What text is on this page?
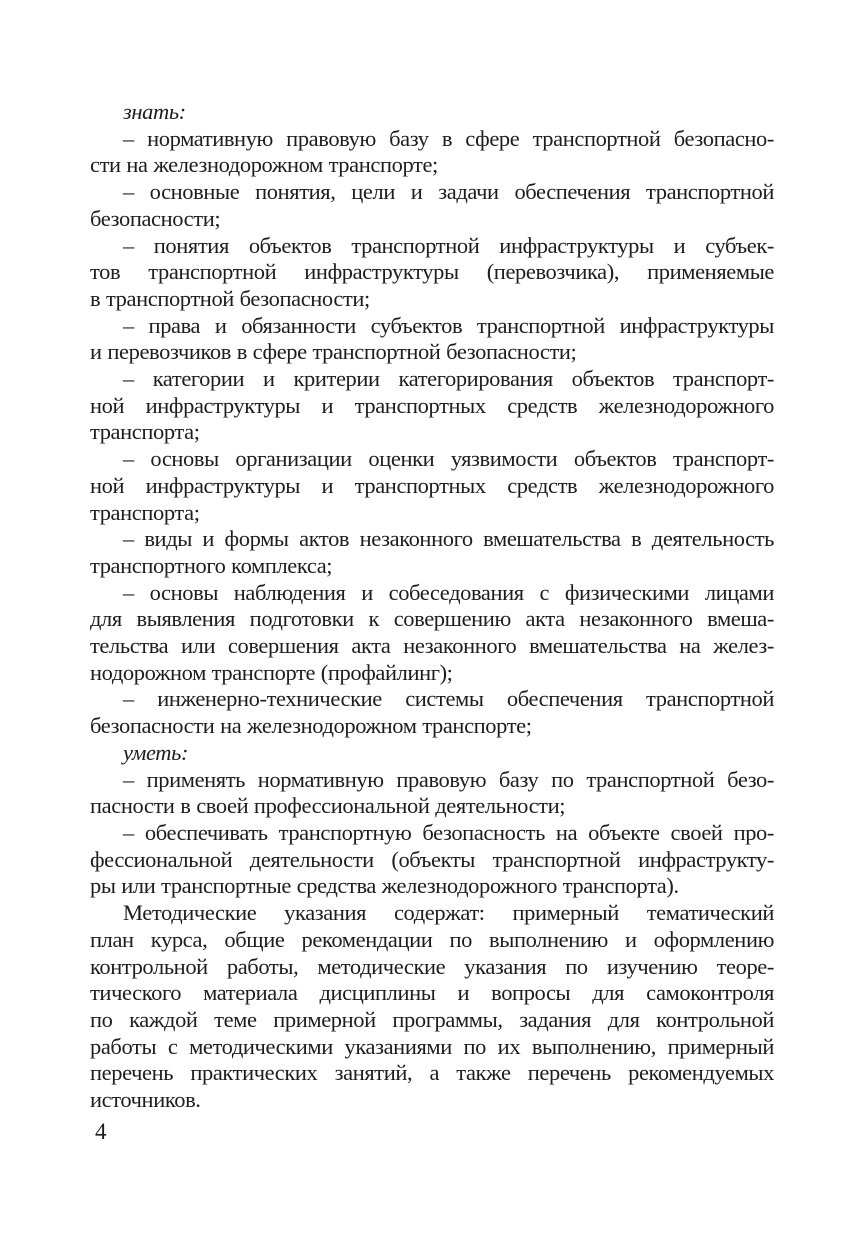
знать:

– нормативную правовую базу в сфере транспортной безопасно-
сти на железнодорожном транспорте;

– основные понятия, цели и задачи обеспечения транспортной
безопасности;

– понятия объектов транспортной инфраструктуры и субъек-
тов транспортной инфраструктуры (перевозчика), применяемые
в транспортной безопасности;

– права и обязанности субъектов транспортной инфраструктуры
и перевозчиков в сфере транспортной безопасности;

– категории и критерии категорирования объектов транспорт-
ной инфраструктуры и транспортных средств железнодорожного
транспорта;

– основы организации оценки уязвимости объектов транспорт-
ной инфраструктуры и транспортных средств железнодорожного
транспорта;

– виды и формы актов незаконного вмешательства в деятельность
транспортного комплекса;

– основы наблюдения и собеседования с физическими лицами
для выявления подготовки к совершению акта незаконного вмеша-
тельства или совершения акта незаконного вмешательства на желез-
нодорожном транспорте (профайлинг);

– инженерно-технические системы обеспечения транспортной
безопасности на железнодорожном транспорте;

уметь:

– применять нормативную правовую базу по транспортной безо-
пасности в своей профессиональной деятельности;

– обеспечивать транспортную безопасность на объекте своей про-
фессиональной деятельности (объекты транспортной инфраструкту-
ры или транспортные средства железнодорожного транспорта).

Методические указания содержат: примерный тематический
план курса, общие рекомендации по выполнению и оформлению
контрольной работы, методические указания по изучению теоре-
тического материала дисциплины и вопросы для самоконтроля
по каждой теме примерной программы, задания для контрольной
работы с методическими указаниями по их выполнению, примерный
перечень практических занятий, а также перечень рекомендуемых
источников.

4
